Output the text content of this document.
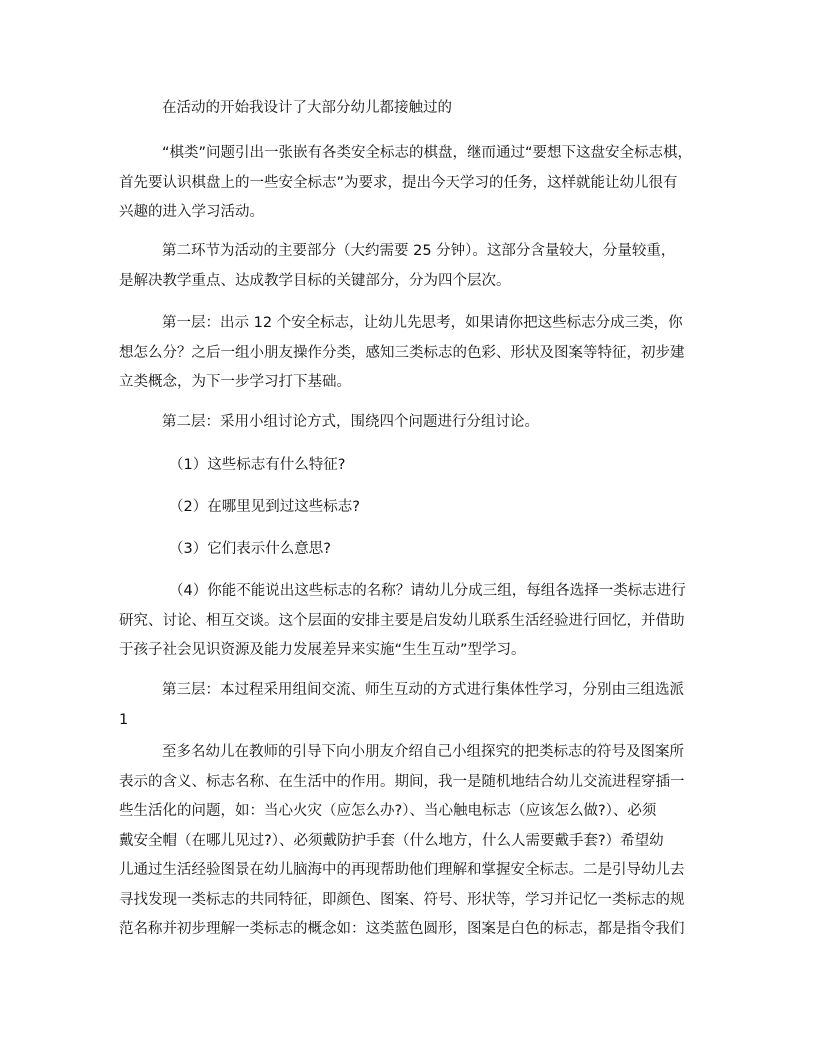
在活动的开始我设计了大部分幼儿都接触过的

“棋类”问题引出一张嵌有各类安全标志的棋盘，继而通过“要想下这盘安全标志棋，
首先要认识棋盘上的一些安全标志”为要求，提出今天学习的任务，这样就能让幼儿很有
兴趣的进入学习活动。

第二环节为活动的主要部分（大约需要 25 分钟）。这部分含量较大，分量较重，
是解决教学重点、达成教学目标的关键部分，分为四个层次。

第一层：出示 12 个安全标志，让幼儿先思考，如果请你把这些标志分成三类，你
想怎么分？之后一组小朋友操作分类，感知三类标志的色彩、形状及图案等特征，初步建
立类概念，为下一步学习打下基础。

第二层：采用小组讨论方式，围绕四个问题进行分组讨论。

（1）这些标志有什么特征?

（2）在哪里见到过这些标志?

（3）它们表示什么意思?

（4）你能不能说出这些标志的名称？请幼儿分成三组，每组各选择一类标志进行
研究、讨论、相互交谈。这个层面的安排主要是启发幼儿联系生活经验进行回忆，并借助
于孩子社会见识资源及能力发展差异来实施“生生互动”型学习。

第三层：本过程采用组间交流、师生互动的方式进行集体性学习，分别由三组选派
1

至多名幼儿在教师的引导下向小朋友介绍自己小组探究的把类标志的符号及图案所
表示的含义、标志名称、在生活中的作用。期间，我一是随机地结合幼儿交流进程穿插一
些生活化的问题，如：当心火灾（应怎么办?）、当心触电标志（应该怎么做?）、必须
戴安全帽（在哪儿见过?）、必须戴防护手套（什么地方，什么人需要戴手套?）希望幼
儿通过生活经验图景在幼儿脑海中的再现帮助他们理解和掌握安全标志。二是引导幼儿去
寻找发现一类标志的共同特征，即颜色、图案、符号、形状等，学习并记忆一类标志的规
范名称并初步理解一类标志的概念如：这类蓝色圆形，图案是白色的标志，都是指令我们
